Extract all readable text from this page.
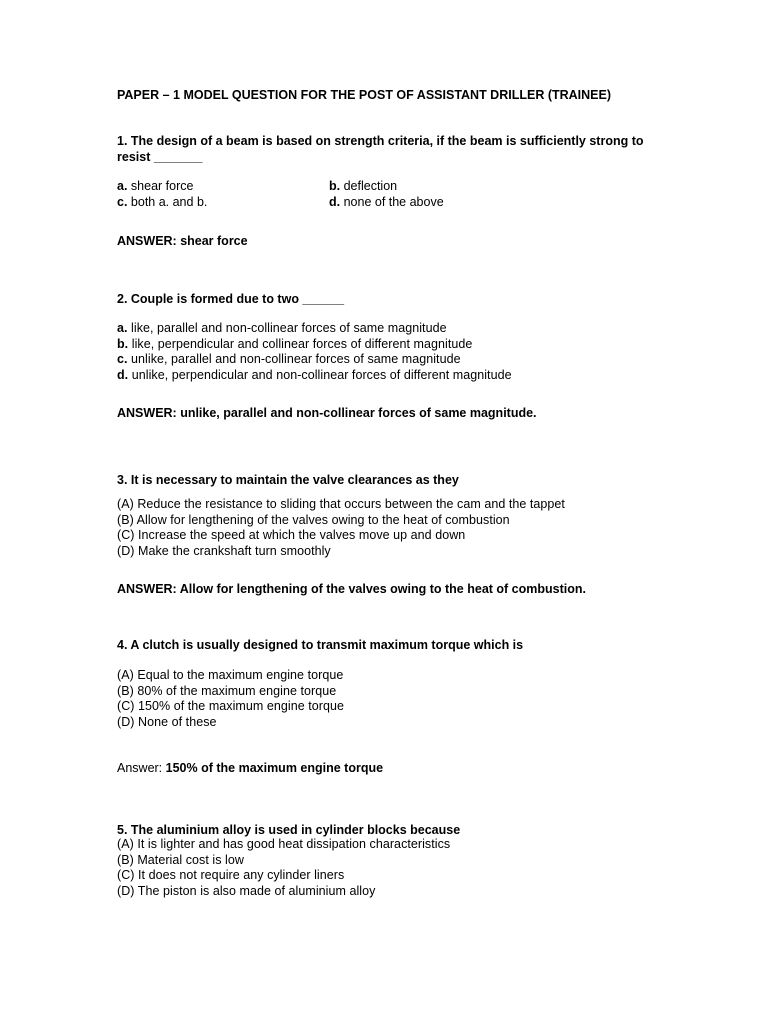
PAPER – 1 MODEL QUESTION FOR THE POST OF ASSISTANT DRILLER (TRAINEE)
1. The design of a beam is based on strength criteria, if the beam is sufficiently strong to resist _______
a. shear force	b. deflection
c. both a. and b.	d. none of the above
ANSWER: shear force
2. Couple is formed due to two ______
a. like, parallel and non-collinear forces of same magnitude
b. like, perpendicular and collinear forces of different magnitude
c. unlike, parallel and non-collinear forces of same magnitude
d. unlike, perpendicular and non-collinear forces of different magnitude
ANSWER: unlike, parallel and non-collinear forces of same magnitude.
3. It is necessary to maintain the valve clearances as they
(A) Reduce the resistance to sliding that occurs between the cam and the tappet
(B) Allow for lengthening of the valves owing to the heat of combustion
(C) Increase the speed at which the valves move up and down
(D) Make the crankshaft turn smoothly
ANSWER: Allow for lengthening of the valves owing to the heat of combustion.
4. A clutch is usually designed to transmit maximum torque which is
(A) Equal to the maximum engine torque
(B) 80% of the maximum engine torque
(C) 150% of the maximum engine torque
(D) None of these
Answer: 150% of the maximum engine torque
5. The aluminium alloy is used in cylinder blocks because
(A) It is lighter and has good heat dissipation characteristics
(B) Material cost is low
(C) It does not require any cylinder liners
(D) The piston is also made of aluminium alloy
